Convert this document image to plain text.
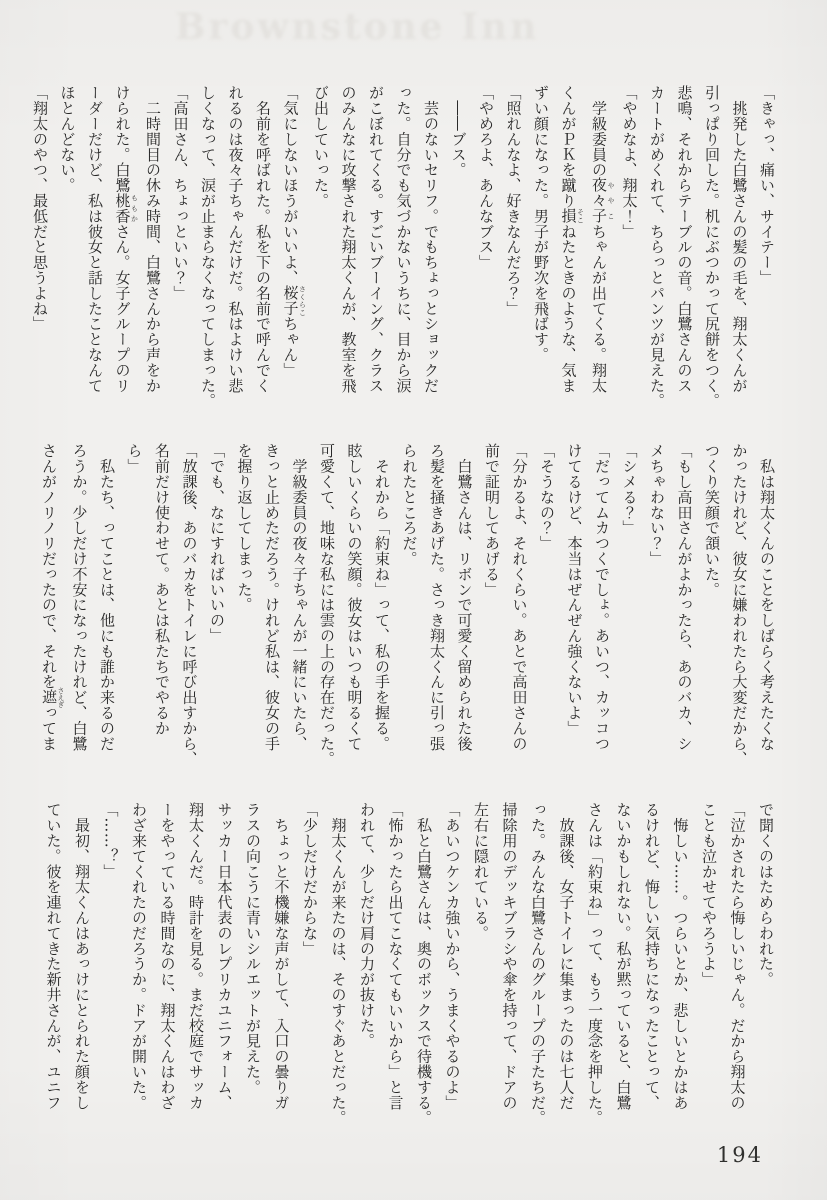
Brownstone Inn

「きゃっ、痛い、サイテー」

　挑発した白鷺さんの髪の毛を、翔太くんが

引っぱり回した。机にぶつかって尻餅をつく。

悲鳴、それからテーブルの音。白鷺さんのス

カートがめくれて、ちらっとパンツが見えた。

「やめなよ、翔太！」

　学級委員の夜々子 ややこちゃんが出てくる。翔太

くんがＰＫを蹴り損 そこねたときのような、気ま

ずい顔になった。男子が野次を飛ばす。

「照れんなよ、好きなんだろ？」

「やめろよ、あんなブス」

　――ブス。

　芸のないセリフ。でもちょっとショックだ

った。自分でも気づかないうちに、目から涙

がこぼれてくる。すごいブーイング、クラス

のみんなに攻撃された翔太くんが、教室を飛

び出していった。

「気にしないほうがいいよ、桜子 さくらこちゃん」

　名前を呼ばれた。私を下の名前で呼んでく

れるのは夜々子ちゃんだけだ。私はよけい悲

しくなって、涙が止まらなくなってしまった。

「高田さん、ちょっといい？」

　二時間目の休み時間、白鷺さんから声をか

けられた。白鷺桃香 ももかさん。女子グループのリ

ーダーだけど、私は彼女と話したことなんて

ほとんどない。

「翔太のやつ、最低だと思うよね」

　私は翔太くんのことをしばらく考えたくな

かったけれど、彼女に嫌われたら大変だから、

つくり笑顔で頷いた。

「もし高田さんがよかったら、あのバカ、シ

メちゃわない？」

「シメる？」

「だってムカつくでしょ。あいつ、カッコつ

けてるけど、本当はぜんぜん強くないよ」

「そうなの？」

「分かるよ、それくらい。あとで高田さんの

前で証明してあげる」

　白鷺さんは、リボンで可愛く留められた後

ろ髪を掻きあげた。さっき翔太くんに引っ張

られたところだ。

　それから「約束ね」って、私の手を握る。

眩しいくらいの笑顔。彼女はいつも明るくて

可愛くて、地味な私には雲の上の存在だった。

　学級委員の夜々子ちゃんが一緒にいたら、

きっと止めただろう。けれど私は、彼女の手

を握り返してしまった。

「でも、なにすればいいの」

「放課後、あのバカをトイレに呼び出すから、

名前だけ使わせて。あとは私たちでやるか

ら」

　私たち、ってことは、他にも誰か来るのだ

ろうか。少しだけ不安になったけれど、白鷺

さんがノリノリだったので、それを遮 さえぎってま

で聞くのはためらわれた。

「泣かされたら悔しいじゃん。だから翔太の

ことも泣かせてやろうよ」

　悔しい……。つらいとか、悲しいとかはあ

るけれど、悔しい気持ちになったことって、

ないかもしれない。私が黙っていると、白鷺

さんは「約束ね」って、もう一度念を押した。

　放課後、女子トイレに集まったのは七人だ

った。みんな白鷺さんのグループの子たちだ。

掃除用のデッキブラシや傘を持って、ドアの

左右に隠れている。

「あいつケンカ強いから、うまくやるのよ」

　私と白鷺さんは、奥のボックスで待機する。

「怖かったら出てこなくてもいいから」と言

われて、少しだけ肩の力が抜けた。

　翔太くんが来たのは、そのすぐあとだった。

「少しだけだからな」

　ちょっと不機嫌な声がして、入口の曇りガ

ラスの向こうに青いシルエットが見えた。

サッカー日本代表のレプリカユニフォーム、

翔太くんだ。時計を見る。まだ校庭でサッカ

ーをやっている時間なのに、翔太くんはわざ

わざ来てくれたのだろうか。ドアが開いた。

「……？」

　最初、翔太くんはあっけにとられた顔をし

ていた。彼を連れてきた新井さんが、ユニフ

194
